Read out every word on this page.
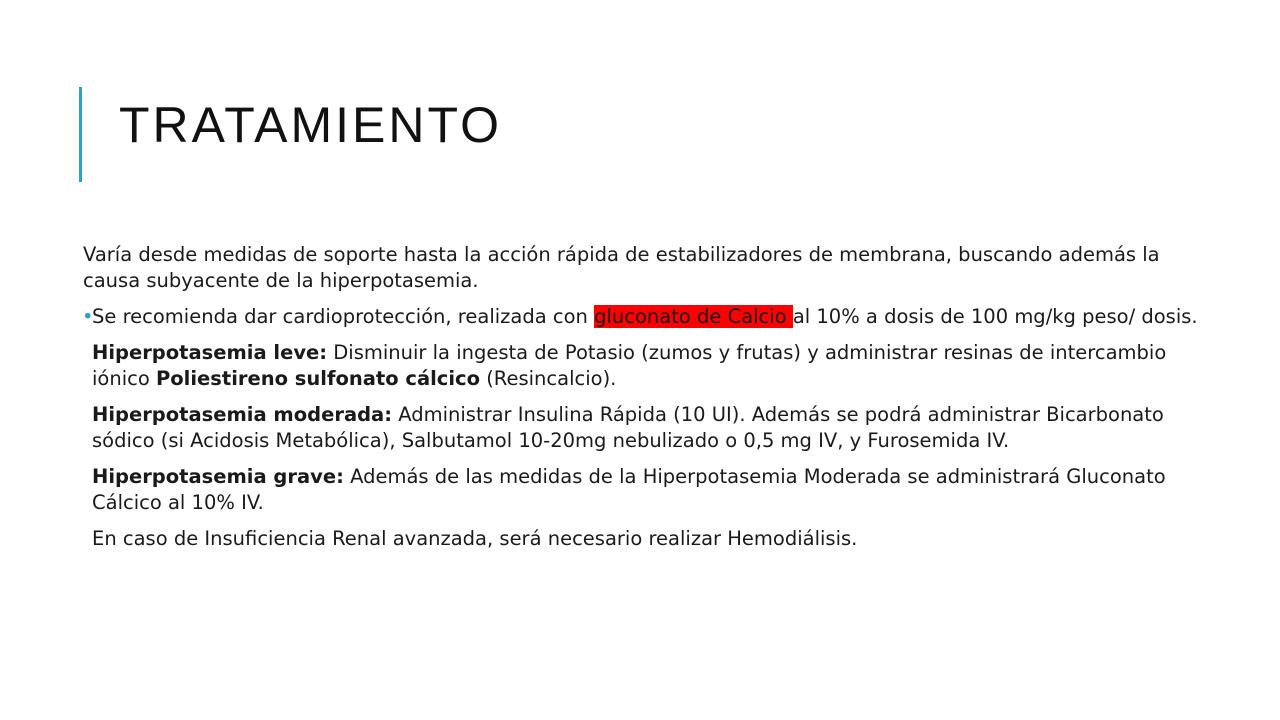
TRATAMIENTO

Varía desde medidas de soporte hasta la acción rápida de estabilizadores de membrana, buscando además la causa subyacente de la hiperpotasemia.

•
Se recomienda dar cardioprotección, realizada con gluconato de Calcio al 10% a dosis de 100 mg/kg peso/ dosis.

Hiperpotasemia leve: Disminuir la ingesta de Potasio (zumos y frutas) y administrar resinas de intercambio iónico Poliestireno sulfonato cálcico (Resincalcio).

Hiperpotasemia moderada: Administrar Insulina Rápida (10 UI). Además se podrá administrar Bicarbonato sódico (si Acidosis Metabólica), Salbutamol 10-20mg nebulizado o 0,5 mg IV, y Furosemida IV.

Hiperpotasemia grave: Además de las medidas de la Hiperpotasemia Moderada se administrará Gluconato Cálcico al 10% IV.

En caso de Insuficiencia Renal avanzada, será necesario realizar Hemodiálisis.
